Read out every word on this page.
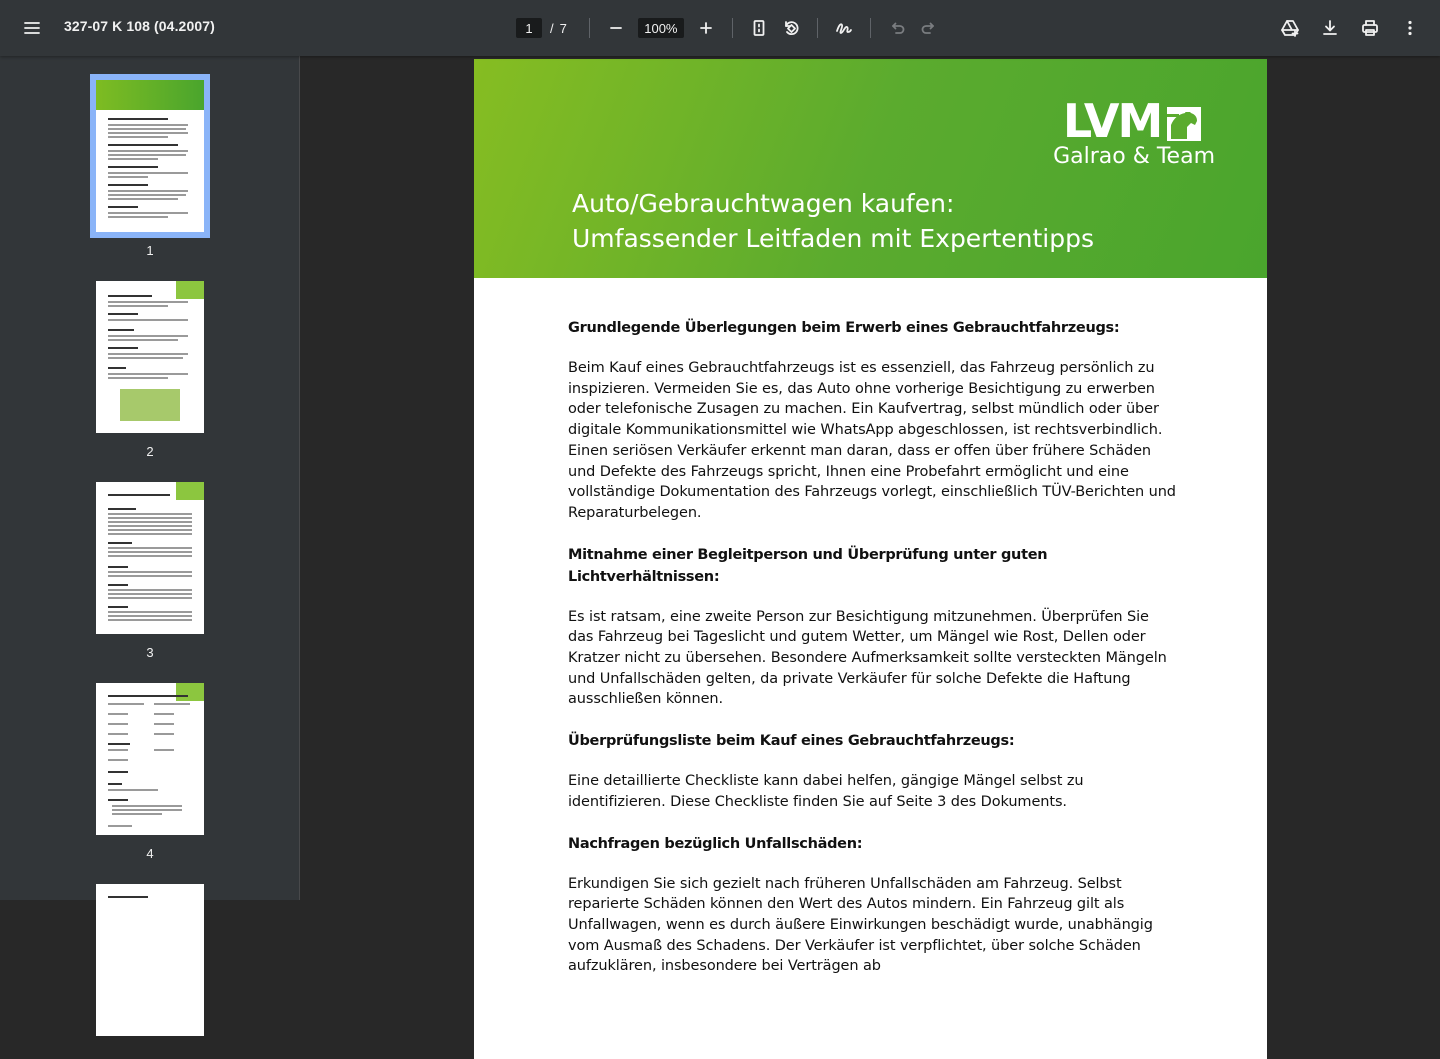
327-07 K 108 (04.2007)
1	/ 7
100%
1
2
3
4
LVM
Galrao & Team
Auto/Gebrauchtwagen kaufen:
Umfassender Leitfaden mit Expertentipps
Grundlegende Überlegungen beim Erwerb eines Gebrauchtfahrzeugs:

Beim Kauf eines Gebrauchtfahrzeugs ist es essenziell, das Fahrzeug persönlich zu inspizieren. Vermeiden Sie es, das Auto ohne vorherige Besichtigung zu erwerben oder telefonische Zusagen zu machen. Ein Kaufvertrag, selbst mündlich oder über digitale Kommunikationsmittel wie WhatsApp abgeschlossen, ist rechtsverbindlich. Einen seriösen Verkäufer erkennt man daran, dass er offen über frühere Schäden und Defekte des Fahrzeugs spricht, Ihnen eine Probefahrt ermöglicht und eine vollständige Dokumentation des Fahrzeugs vorlegt, einschließlich TÜV-Berichten und Reparaturbelegen.

Mitnahme einer Begleitperson und Überprüfung unter guten Lichtverhältnissen:

Es ist ratsam, eine zweite Person zur Besichtigung mitzunehmen. Überprüfen Sie das Fahrzeug bei Tageslicht und gutem Wetter, um Mängel wie Rost, Dellen oder Kratzer nicht zu übersehen. Besondere Aufmerksamkeit sollte versteckten Mängeln und Unfallschäden gelten, da private Verkäufer für solche Defekte die Haftung ausschließen können.

Überprüfungsliste beim Kauf eines Gebrauchtfahrzeugs:

Eine detaillierte Checkliste kann dabei helfen, gängige Mängel selbst zu identifizieren. Diese Checkliste finden Sie auf Seite 3 des Dokuments.

Nachfragen bezüglich Unfallschäden:

Erkundigen Sie sich gezielt nach früheren Unfallschäden am Fahrzeug. Selbst reparierte Schäden können den Wert des Autos mindern. Ein Fahrzeug gilt als Unfallwagen, wenn es durch äußere Einwirkungen beschädigt wurde, unabhängig vom Ausmaß des Schadens. Der Verkäufer ist verpflichtet, über solche Schäden aufzuklären, insbesondere bei Verträgen ab
